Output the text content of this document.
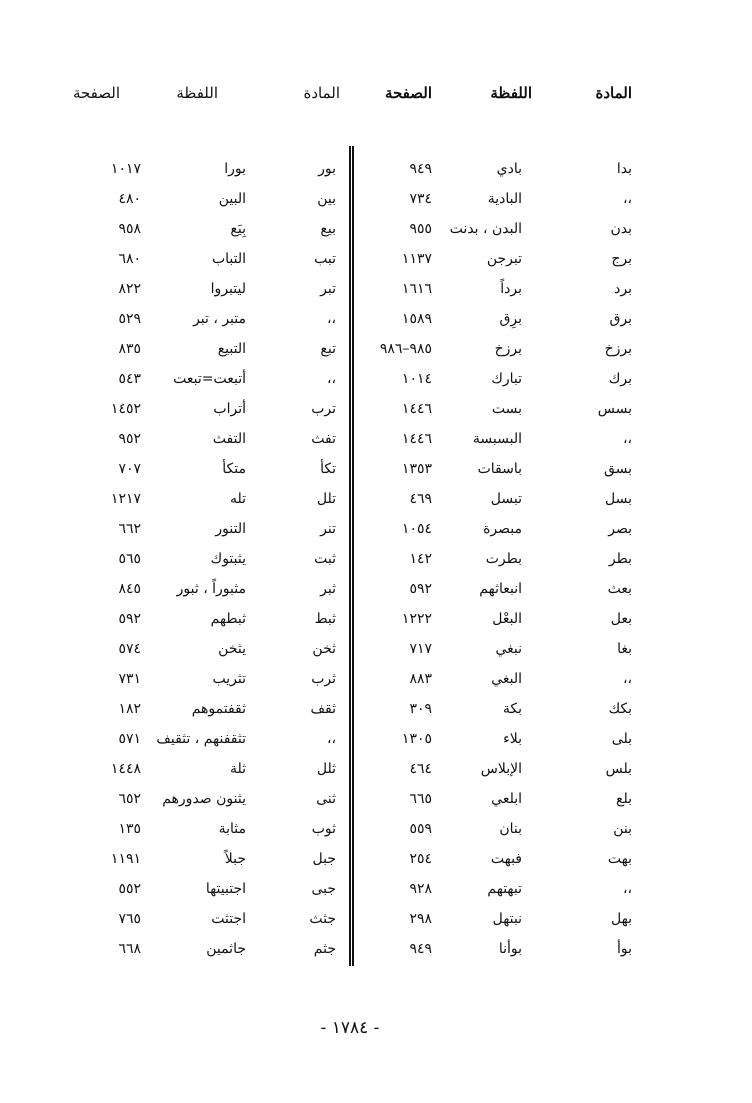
المادة
اللفظة
الصفحة
بدا
بادي
٩٤٩
،،
البادية
٧٣٤
بدن
البدن ، بدنت
٩٥٥
برج
تبرجن
١١٣٧
برد
برداً
١٦١٦
برق
برِق
١٥٨٩
برزخ
برزخ
٩٨٥–٩٨٦
برك
تبارك
١٠١٤
بسس
بست
١٤٤٦
،،
البسبسة
١٤٤٦
بسق
باسقات
١٣٥٣
بسل
تبسل
٤٦٩
بصر
مبصرة
١٠٥٤
بطر
بطرت
١٤٢
بعث
انبعاثهم
٥٩٢
بعل
البعْل
١٢٢٢
بغا
نبغي
٧١٧
،،
البغي
٨٨٣
بكك
بكة
٣٠٩
بلى
بلاء
١٣٠٥
بلس
الإبلاس
٤٦٤
بلع
ابلعي
٦٦٥
بنن
بنان
٥٥٩
بهت
فبهت
٢٥٤
،،
تبهتهم
٩٢٨
بهل
نبتهل
٢٩٨
بوأ
بوأنا
٩٤٩
المادة
اللفظة
الصفحة
بور
بورا
١٠١٧
بين
البين
٤٨٠
بيع
بِيَع
٩٥٨
تبب
التباب
٦٨٠
تبر
ليتبروا
٨٢٢
،،
متبر ، تبر
٥٢٩
تبع
التبيع
٨٣٥
،،
أتبعت=تبعت
٥٤٣
ترب
أتراب
١٤٥٢
تفث
التفث
٩٥٢
تكأ
متكأ
٧٠٧
تلل
تله
١٢١٧
تنر
التنور
٦٦٢
ثبت
يثبتوك
٥٦٥
ثبر
مثبوراً ، ثبور
٨٤٥
ثبط
ثبطهم
٥٩٢
ثخن
يثخن
٥٧٤
ثرب
تثريب
٧٣١
ثقف
ثقفتموهم
١٨٢
،،
تثقفنهم ، تثقيف
٥٧١
ثلل
ثلة
١٤٤٨
ثنى
يثنون صدورهم
٦٥٢
ثوب
مثابة
١٣٥
جبل
جبلاً
١١٩١
جبى
اجتبيتها
٥٥٢
جثث
اجتثت
٧٦٥
جثم
جاثمين
٦٦٨
- ١٧٨٤ -
